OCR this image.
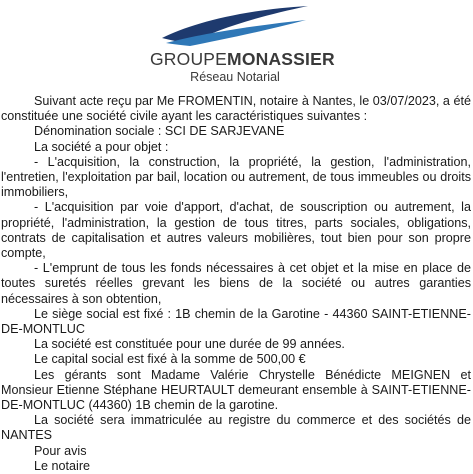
GROUPEMONASSIER
Réseau Notarial

Suivant acte reçu par Me FROMENTIN, notaire à Nantes, le 03/07/2023, a été constituée une société civile ayant les caractéristiques suivantes :

Dénomination sociale : SCI DE SARJEVANE

La société a pour objet :

- L'acquisition, la construction, la propriété, la gestion, l'administration, l'entretien, l'exploitation par bail, location ou autrement, de tous immeubles ou droits immobiliers,

- L'acquisition par voie d'apport, d'achat, de souscription ou autrement, la propriété, l'administration, la gestion de tous titres, parts sociales, obligations, contrats de capitalisation et autres valeurs mobilières, tout bien pour son propre compte,

- L'emprunt de tous les fonds nécessaires à cet objet et la mise en place de toutes suretés réelles grevant les biens de la société ou autres garanties nécessaires à son obtention,

Le siège social est fixé : 1B chemin de la Garotine - 44360 SAINT-ETIENNE-DE-MONTLUC

La société est constituée pour une durée de 99 années.

Le capital social est fixé à la somme de 500,00 €

Les gérants sont Madame Valérie Chrystelle Bénédicte MEIGNEN et Monsieur Etienne Stéphane HEURTAULT demeurant ensemble à SAINT-ETIENNE-DE-MONTLUC (44360) 1B chemin de la garotine.

La société sera immatriculée au registre du commerce et des sociétés de NANTES

Pour avis

Le notaire
